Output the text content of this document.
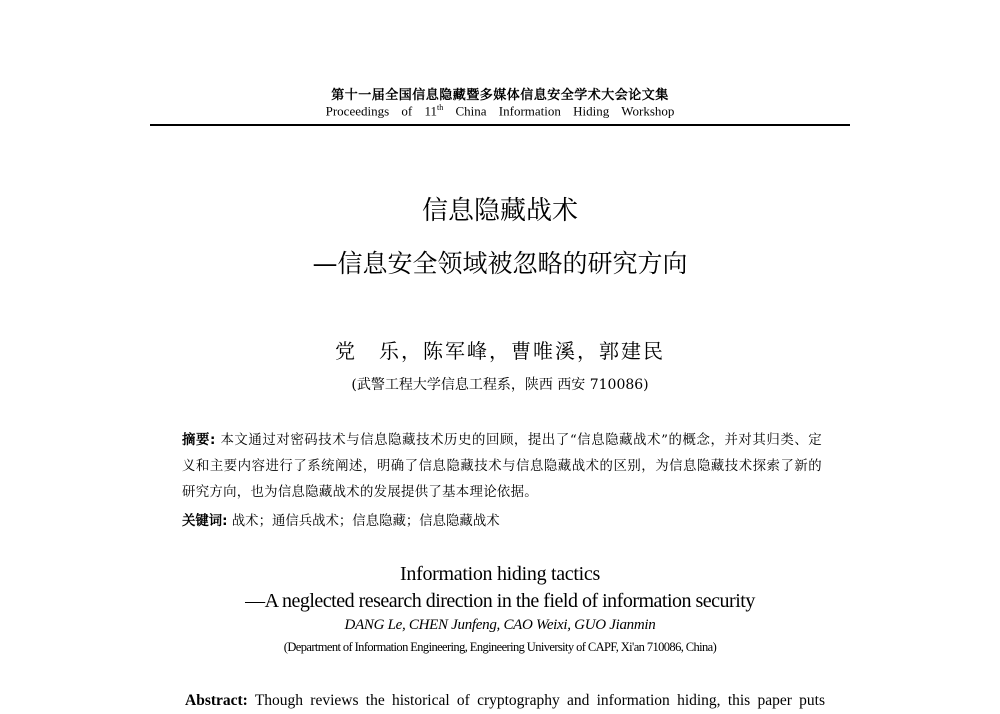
第十一届全国信息隐藏暨多媒体信息安全学术大会论文集
Proceedings of 11th China Information Hiding Workshop
信息隐藏战术
—信息安全领域被忽略的研究方向
党　乐，陈军峰，曹唯溪，郭建民
(武警工程大学信息工程系，陕西 西安 710086)
摘要: 本文通过对密码技术与信息隐藏技术历史的回顾，提出了“信息隐藏战术”的概念，并对其归类、定义和主要内容进行了系统阐述，明确了信息隐藏技术与信息隐藏战术的区别，为信息隐藏技术探索了新的研究方向，也为信息隐藏战术的发展提供了基本理论依据。
关键词: 战术；通信兵战术；信息隐藏；信息隐藏战术
Information hiding tactics
—A neglected research direction in the field of information security
DANG Le, CHEN Junfeng, CAO Weixi, GUO Jianmin
(Department of Information Engineering, Engineering University of CAPF, Xi'an 710086, China)
Abstract: Though reviews the historical of cryptography and information hiding, this paper puts
